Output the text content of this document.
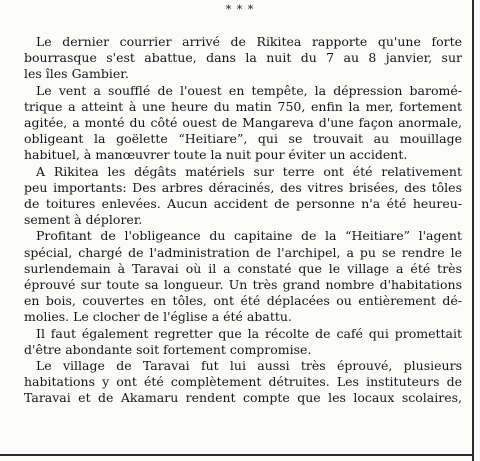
* * *
Le dernier courrier arrivé de Rikitea rapporte qu'une forte
bourrasque s'est abattue, dans la nuit du 7 au 8 janvier, sur
les îles Gambier.
Le vent a soufflé de l'ouest en tempête, la dépression baromé-
trique a atteint à une heure du matin 750, enfin la mer, fortement
agitée, a monté du côté ouest de Mangareva d'une façon anormale,
obligeant la goëlette “Heitiare”, qui se trouvait au mouillage
habituel, à manœuvrer toute la nuit pour éviter un accident.
A Rikitea les dégâts matériels sur terre ont été relativement
peu importants: Des arbres déracinés, des vitres brisées, des tôles
de toitures enlevées. Aucun accident de personne n'a été heureu-
sement à déplorer.
Profitant de l'obligeance du capitaine de la “Heitiare” l'agent
spécial, chargé de l'administration de l'archipel, a pu se rendre le
surlendemain à Taravai où il a constaté que le village a été très
éprouvé sur toute sa longueur. Un très grand nombre d'habitations
en bois, couvertes en tôles, ont été déplacées ou entièrement dé-
molies. Le clocher de l'église a été abattu.
Il faut également regretter que la récolte de café qui promettait
d'être abondante soit fortement compromise.
Le village de Taravai fut lui aussi très éprouvé, plusieurs
habitations y ont été complètement détruites. Les instituteurs de
Taravai et de Akamaru rendent compte que les locaux scolaires,
